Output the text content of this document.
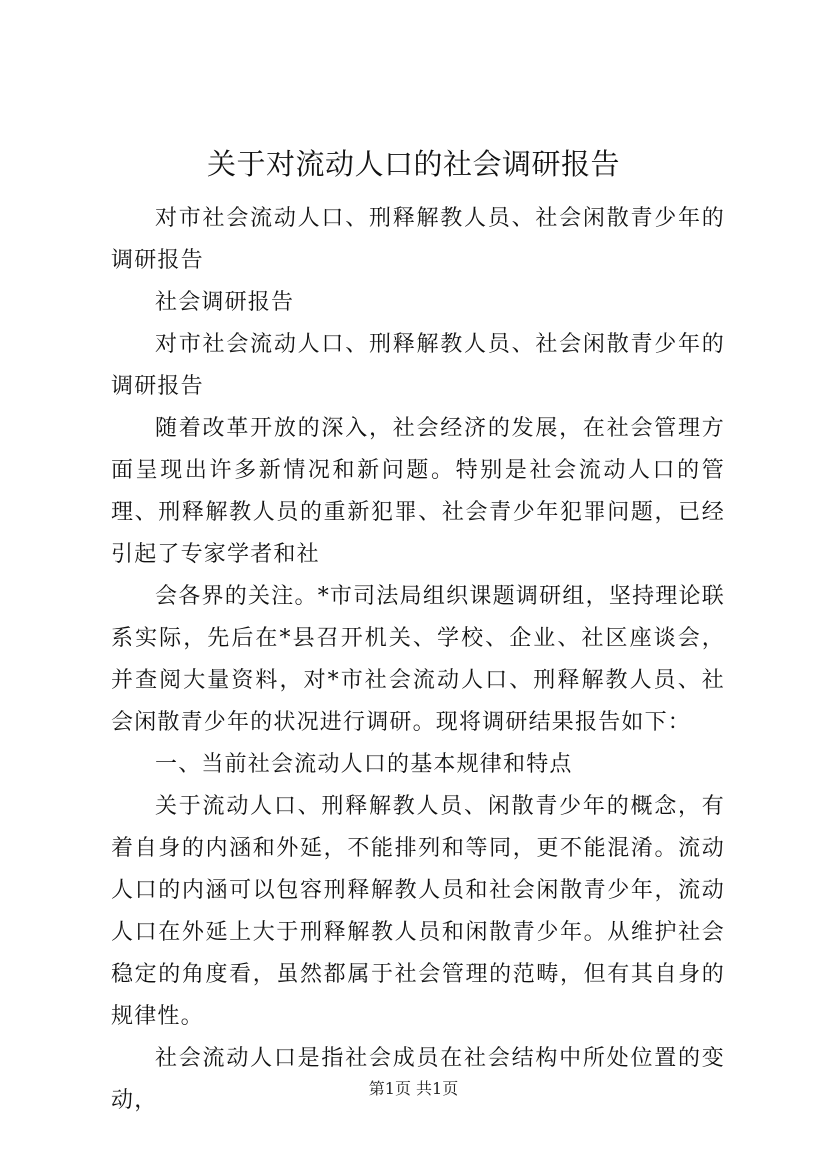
关于对流动人口的社会调研报告

对市社会流动人口、刑释解教人员、社会闲散青少年的调研报告

社会调研报告

对市社会流动人口、刑释解教人员、社会闲散青少年的调研报告

随着改革开放的深入，社会经济的发展，在社会管理方面呈现出许多新情况和新问题。特别是社会流动人口的管理、刑释解教人员的重新犯罪、社会青少年犯罪问题，已经引起了专家学者和社

会各界的关注。*市司法局组织课题调研组，坚持理论联系实际，先后在*县召开机关、学校、企业、社区座谈会，并查阅大量资料，对*市社会流动人口、刑释解教人员、社会闲散青少年的状况进行调研。现将调研结果报告如下：

一、当前社会流动人口的基本规律和特点

关于流动人口、刑释解教人员、闲散青少年的概念，有着自身的内涵和外延，不能排列和等同，更不能混淆。流动人口的内涵可以包容刑释解教人员和社会闲散青少年，流动人口在外延上大于刑释解教人员和闲散青少年。从维护社会稳定的角度看，虽然都属于社会管理的范畴，但有其自身的规律性。

社会流动人口是指社会成员在社会结构中所处位置的变动，	第1页 共1页
